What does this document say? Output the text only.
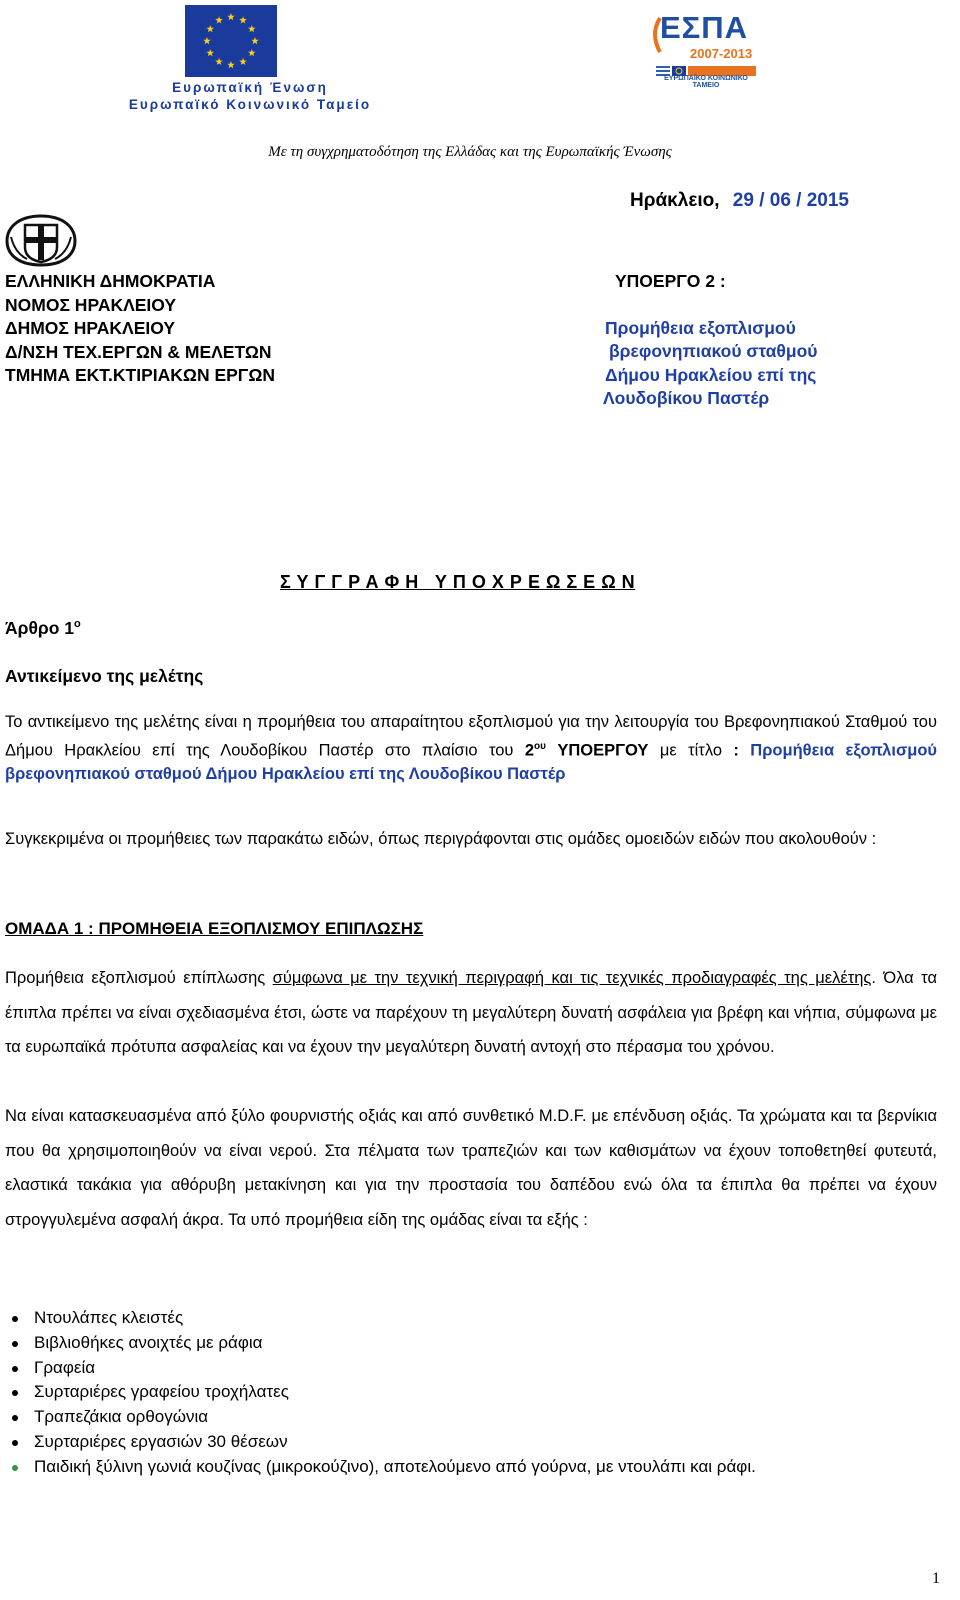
Ευρωπαϊκή Ένωση
Ευρωπαϊκό Κοινωνικό Ταμείο
ΕΣΠΑ
2007-2013
ΕΥΡΩΠΑΪΚΟ ΚΟΙΝΩΝΙΚΟ ΤΑΜΕΙΟ
Με τη συγχρηματοδότηση της Ελλάδας και της Ευρωπαϊκής Ένωσης
Ηράκλειο, 29 / 06 / 2015
ΕΛΛΗΝΙΚΗ ΔΗΜΟΚΡΑΤΙΑ
ΝΟΜΟΣ ΗΡΑΚΛΕΙΟΥ
ΔΗΜΟΣ ΗΡΑΚΛΕΙΟΥ
Δ/ΝΣΗ ΤΕΧ.ΕΡΓΩΝ & ΜΕΛΕΤΩΝ
ΤΜΗΜΑ ΕΚΤ.ΚΤΙΡΙΑΚΩΝ ΕΡΓΩΝ
ΥΠΟΕΡΓΟ 2 :
Προμήθεια εξοπλισμού
βρεφονηπιακού σταθμού
Δήμου Ηρακλείου επί της
Λουδοβίκου Παστέρ
Σ Υ Γ Γ Ρ Α Φ Η   Υ Π Ο Χ Ρ Ε Ω Σ Ε Ω Ν
Άρθρο $1^o$
Αντικείμενο της μελέτης
Το αντικείμενο της μελέτης είναι η προμήθεια του απαραίτητου εξοπλισμού για την λειτουργία του Βρεφονηπιακού Σταθμού του Δήμου Ηρακλείου επί της Λουδοβίκου Παστέρ στο πλαίσιο του $2^{o\upsilon}$ ΥΠΟΕΡΓΟΥ με τίτλο : Προμήθεια εξοπλισμού βρεφονηπιακού σταθμού Δήμου Ηρακλείου επί της Λουδοβίκου Παστέρ
Συγκεκριμένα οι προμήθειες των παρακάτω ειδών, όπως περιγράφονται στις ομάδες ομοειδών ειδών που ακολουθούν :
ΟΜΑΔΑ 1 : ΠΡΟΜΗΘΕΙΑ ΕΞΟΠΛΙΣΜΟΥ ΕΠΙΠΛΩΣΗΣ
Προμήθεια εξοπλισμού επίπλωσης σύμφωνα με την τεχνική περιγραφή και τις τεχνικές προδιαγραφές της μελέτης. Όλα τα έπιπλα πρέπει να είναι σχεδιασμένα έτσι, ώστε να παρέχουν τη μεγαλύτερη δυνατή ασφάλεια για βρέφη και νήπια, σύμφωνα με τα ευρωπαϊκά πρότυπα ασφαλείας και να έχουν την μεγαλύτερη δυνατή αντοχή στο πέρασμα του χρόνου.
Να είναι κατασκευασμένα από ξύλο φουρνιστής οξιάς και από συνθετικό M.D.F. με επένδυση οξιάς. Τα χρώματα και τα βερνίκια που θα χρησιμοποιηθούν να είναι νερού. Στα πέλματα των τραπεζιών και των καθισμάτων να έχουν τοποθετηθεί φυτευτά, ελαστικά τακάκια για αθόρυβη μετακίνηση και για την προστασία του δαπέδου ενώ όλα τα έπιπλα θα πρέπει να έχουν στρογγυλεμένα ασφαλή άκρα. Τα υπό προμήθεια είδη της ομάδας είναι τα εξής :
Ντουλάπες κλειστές
Βιβλιοθήκες ανοιχτές με ράφια
Γραφεία
Συρταριέρες γραφείου τροχήλατες
Τραπεζάκια ορθογώνια
Συρταριέρες εργασιών 30 θέσεων
Παιδική ξύλινη γωνιά κουζίνας (μικροκούζινο), αποτελούμενο από γούρνα, με ντουλάπι και ράφι.
1
